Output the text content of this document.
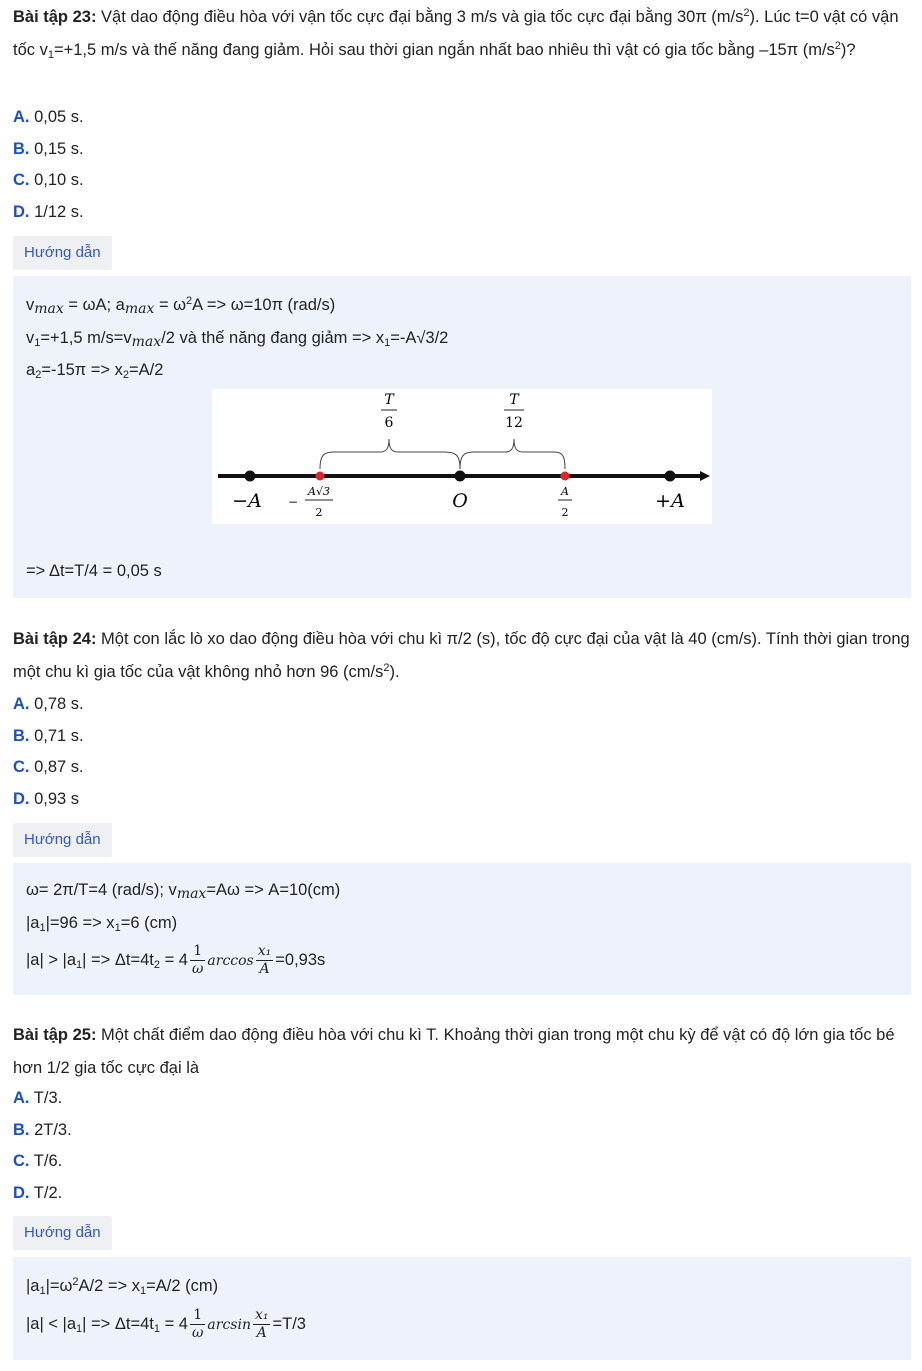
Bài tập 23: Vật dao động điều hòa với vận tốc cực đại bằng 3 m/s và gia tốc cực đại bằng 30π $(m/s^2)$. Lúc t=0 vật có vận tốc $v_1=+1,5$ m/s và thế năng đang giảm. Hỏi sau thời gian ngắn nhất bao nhiêu thì vật có gia tốc bằng –15π $(m/s^2)$?
A. 0,05 s.
B. 0,15 s.
C. 0,10 s.
D. 1/12 s.
Hướng dẫn
$v_{max} = \omega A$; $a_{max} = \omega^2A => \omega=10\pi$ (rad/s)
$v_1=+1,5$ $m/s=v_{max}/2$ và thế năng đang giảm => $x_1=-A√3/2$
$a_2=-15\pi => x_2=A/2$
T
6
T
12
−A −
A√3
2
O	A
2
+A
=> Δt=T/4 = 0,05 s
Bài tập 24: Một con lắc lò xo dao động điều hòa với chu kì π/2 (s), tốc độ cực đại của vật là 40 (cm/s). Tính thời gian trong một chu kì gia tốc của vật không nhỏ hơn 96 $(cm/s^2)$.
A. 0,78 s.
B. 0,71 s.
C. 0,87 s.
D. 0,93 s
Hướng dẫn
ω= 2π/T=4 (rad/s); $v_{max}=A\omega => A=10(cm)$
$|a_1|=96 => x_1=6$ (cm)
$|a| > |a_1| => \Delta t=4t_2 = 4 \frac{1}{\omega}$ $\arccos \frac{\text{x₁}}{A} =0,93s$
Bài tập 25: Một chất điểm dao động điều hòa với chu kì T. Khoảng thời gian trong một chu kỳ để vật có độ lớn gia tốc bé hơn 1/2 gia tốc cực đại là
A. T/3.
B. 2T/3.
C. T/6.
D. T/2.
Hướng dẫn
$|a_1|=\omega^2A/2 => x_1=A/2$ (cm)
$|a| < |a_1| => \Delta t=4t_1 = 4 \frac{1}{\omega}$ $\arcsin \frac{\text{x₁}}{A} =T/3$
